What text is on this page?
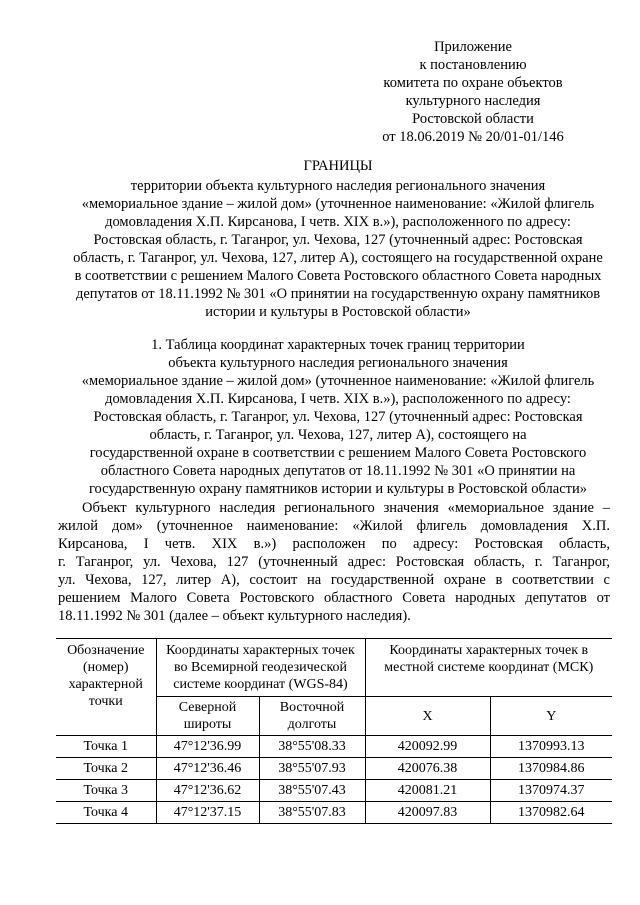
Приложение
к постановлению
комитета по охране объектов
культурного наследия
Ростовской области
от 18.06.2019 № 20/01-01/146
ГРАНИЦЫ
территории объекта культурного наследия регионального значения
«мемориальное здание – жилой дом» (уточненное наименование: «Жилой флигель
домовладения Х.П. Кирсанова, I четв. XIX в.»), расположенного по адресу:
Ростовская область, г. Таганрог, ул. Чехова, 127 (уточненный адрес: Ростовская
область, г. Таганрог, ул. Чехова, 127, литер А), состоящего на государственной охране
в соответствии с решением Малого Совета Ростовского областного Совета народных
депутатов от 18.11.1992 № 301 «О принятии на государственную охрану памятников
истории и культуры в Ростовской области»
1. Таблица координат характерных точек границ территории
объекта культурного наследия регионального значения
«мемориальное здание – жилой дом» (уточненное наименование: «Жилой флигель
домовладения Х.П. Кирсанова, I четв. XIX в.»), расположенного по адресу:
Ростовская область, г. Таганрог, ул. Чехова, 127 (уточненный адрес: Ростовская
область, г. Таганрог, ул. Чехова, 127, литер А), состоящего на
государственной охране в соответствии с решением Малого Совета Ростовского
областного Совета народных депутатов от 18.11.1992 № 301 «О принятии на
государственную охрану памятников истории и культуры в Ростовской области»
Объект культурного наследия регионального значения «мемориальное здание –
жилой дом» (уточненное наименование: «Жилой флигель домовладения Х.П.
Кирсанова, I четв. XIX в.») расположен по адресу: Ростовская область,
г. Таганрог, ул. Чехова, 127 (уточненный адрес: Ростовская область, г. Таганрог,
ул. Чехова, 127, литер А), состоит на государственной охране в соответствии с
решением Малого Совета Ростовского областного Совета народных депутатов от
18.11.1992 № 301 (далее – объект культурного наследия).
Обозначение (номер) характерной точки	Координаты характерных точек во Всемирной геодезической системе координат (WGS-84)		Координаты характерных точек в местной системе координат (МСК)	
	Северной широты	Восточной долготы	X	Y
Точка 1	47°12'36.99	38°55'08.33	420092.99	1370993.13
Точка 2	47°12'36.46	38°55'07.93	420076.38	1370984.86
Точка 3	47°12'36.62	38°55'07.43	420081.21	1370974.37
Точка 4	47°12'37.15	38°55'07.83	420097.83	1370982.64
